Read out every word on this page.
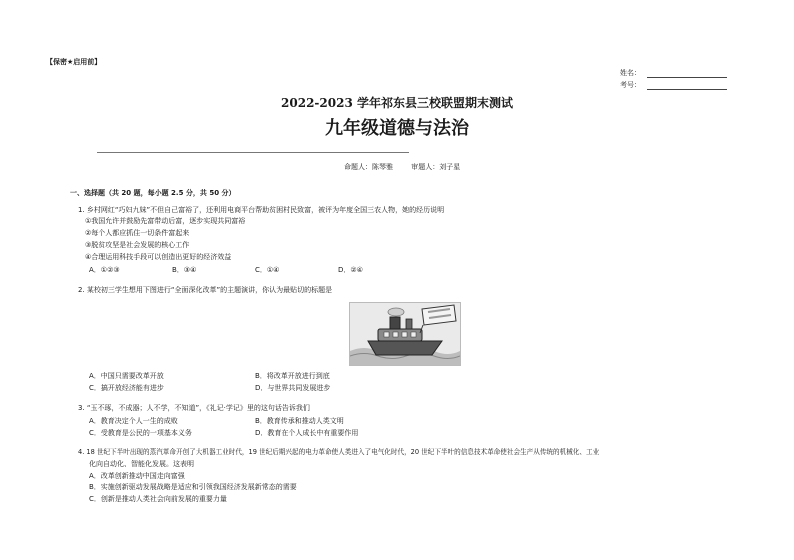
【保密★启用前】
姓名：
考号：
2022-2023 学年祁东县三校联盟期末测试
九年级道德与法治
命题人：陈琴雅	审题人：刘子星
一、选择题（共 20 题，每小题 2.5 分，共 50 分）
1. 乡村网红“巧妇九妹”不但自己富裕了，还利用电商平台帮助贫困村民致富，被评为年度全国三农人物，她的经历说明
①我国允许并鼓励先富带动后富，逐步实现共同富裕
②每个人都应抓住一切条件富起来
③脱贫攻坚是社会发展的核心工作
④合理运用科技手段可以创造出更好的经济效益
A．①②③	B．③④	C．①④	D．②④
2. 某校初三学生想用下图进行“全面深化改革”的主题演讲，你认为最贴切的标题是
A．中国只需要改革开放	B．将改革开放进行到底
C．搞开放经济能有进步	D．与世界共同发展进步
3. “玉不琢，不成器；人不学，不知道”，《礼记·学记》里的这句话告诉我们
A．教育决定个人一生的成败	B．教育传承和推动人类文明
C．受教育是公民的一项基本义务	D．教育在个人成长中有重要作用
4. 18 世纪下半叶出现的蒸汽革命开创了大机器工业时代，19 世纪后期兴起的电力革命使人类进入了电气化时代，20 世纪下半叶的信息技术革命使社会生产从传统的机械化、工业
化向自动化、智能化发展。这表明
A．改革创新推动中国走向富强
B．实施创新驱动发展战略是适应和引领我国经济发展新常态的需要
C．创新是推动人类社会向前发展的重要力量
